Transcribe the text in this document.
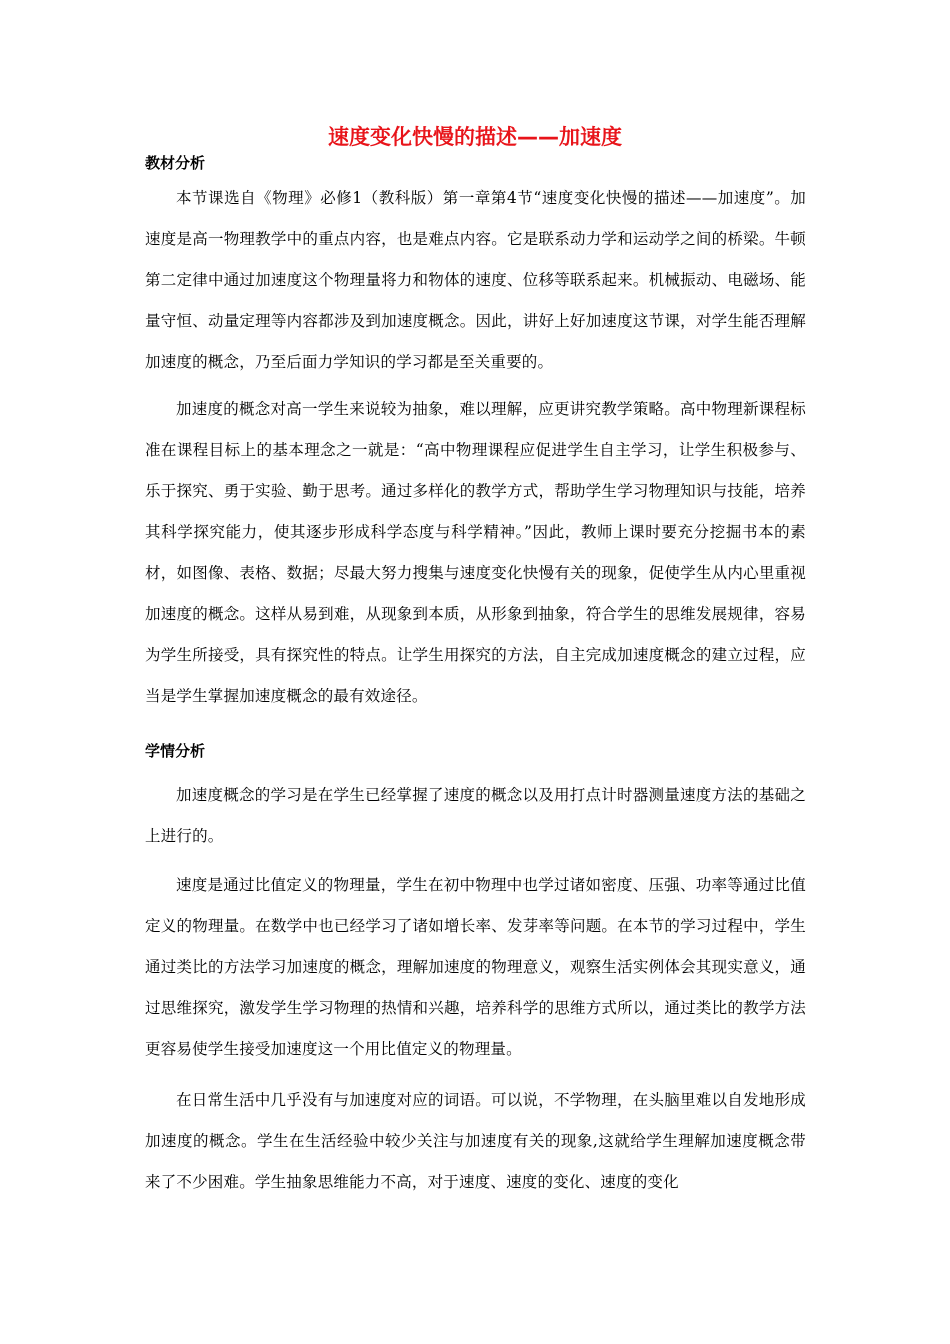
速度变化快慢的描述——加速度
教材分析

本节课选自《物理》必修1（教科版）第一章第4节“速度变化快慢的描述——加速度”。加速度是高一物理教学中的重点内容，也是难点内容。它是联系动力学和运动学之间的桥梁。牛顿第二定律中通过加速度这个物理量将力和物体的速度、位移等联系起来。机械振动、电磁场、能量守恒、动量定理等内容都涉及到加速度概念。因此，讲好上好加速度这节课，对学生能否理解加速度的概念，乃至后面力学知识的学习都是至关重要的。

加速度的概念对高一学生来说较为抽象，难以理解，应更讲究教学策略。高中物理新课程标准在课程目标上的基本理念之一就是：“高中物理课程应促进学生自主学习，让学生积极参与、乐于探究、勇于实验、勤于思考。通过多样化的教学方式，帮助学生学习物理知识与技能，培养其科学探究能力，使其逐步形成科学态度与科学精神。”因此，教师上课时要充分挖掘书本的素材，如图像、表格、数据；尽最大努力搜集与速度变化快慢有关的现象，促使学生从内心里重视加速度的概念。这样从易到难，从现象到本质，从形象到抽象，符合学生的思维发展规律，容易为学生所接受，具有探究性的特点。让学生用探究的方法，自主完成加速度概念的建立过程，应当是学生掌握加速度概念的最有效途径。

学情分析

加速度概念的学习是在学生已经掌握了速度的概念以及用打点计时器测量速度方法的基础之上进行的。

速度是通过比值定义的物理量，学生在初中物理中也学过诸如密度、压强、功率等通过比值定义的物理量。在数学中也已经学习了诸如增长率、发芽率等问题。在本节的学习过程中，学生通过类比的方法学习加速度的概念，理解加速度的物理意义，观察生活实例体会其现实意义，通过思维探究，激发学生学习物理的热情和兴趣，培养科学的思维方式所以，通过类比的教学方法更容易使学生接受加速度这一个用比值定义的物理量。

在日常生活中几乎没有与加速度对应的词语。可以说，不学物理，在头脑里难以自发地形成加速度的概念。学生在生活经验中较少关注与加速度有关的现象,这就给学生理解加速度概念带来了不少困难。学生抽象思维能力不高，对于速度、速度的变化、速度的变化
